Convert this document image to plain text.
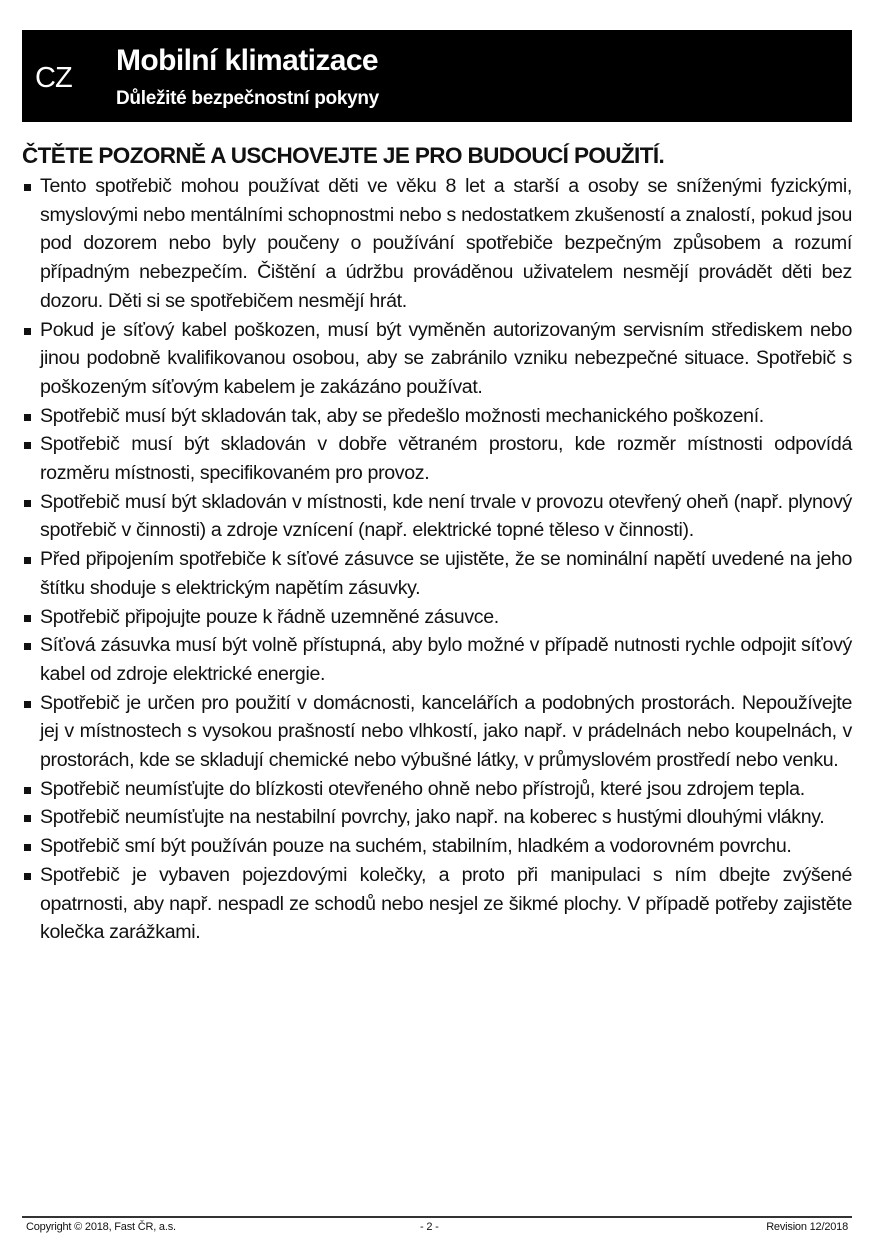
CZ
Mobilní klimatizace
Důležité bezpečnostní pokyny
ČTĚTE POZORNĚ A USCHOVEJTE JE PRO BUDOUCÍ POUŽITÍ.
Tento spotřebič mohou používat děti ve věku 8 let a starší a osoby se sníženými fyzickými, smyslovými nebo mentálními schopnostmi nebo s nedostatkem zkušeností a znalostí, pokud jsou pod dozorem nebo byly poučeny o používání spotřebiče bezpečným způsobem a rozumí případným nebezpečím. Čištění a údržbu prováděnou uživatelem nesmějí provádět děti bez dozoru. Děti si se spotřebičem nesmějí hrát.
Pokud je síťový kabel poškozen, musí být vyměněn autorizovaným servisním střediskem nebo jinou podobně kvalifikovanou osobou, aby se zabránilo vzniku nebezpečné situace. Spotřebič s poškozeným síťovým kabelem je zakázáno používat.
Spotřebič musí být skladován tak, aby se předešlo možnosti mechanického poškození.
Spotřebič musí být skladován v dobře větraném prostoru, kde rozměr místnosti odpovídá rozměru místnosti, specifikovaném pro provoz.
Spotřebič musí být skladován v místnosti, kde není trvale v provozu otevřený oheň (např. plynový spotřebič v činnosti) a zdroje vznícení (např. elektrické topné těleso v činnosti).
Před připojením spotřebiče k síťové zásuvce se ujistěte, že se nominální napětí uvedené na jeho štítku shoduje s elektrickým napětím zásuvky.
Spotřebič připojujte pouze k řádně uzemněné zásuvce.
Síťová zásuvka musí být volně přístupná, aby bylo možné v případě nutnosti rychle odpojit síťový kabel od zdroje elektrické energie.
Spotřebič je určen pro použití v domácnosti, kancelářích a podobných prostorách. Nepoužívejte jej v místnostech s vysokou prašností nebo vlhkostí, jako např. v prádelnách nebo koupelnách, v prostorách, kde se skladují chemické nebo výbušné látky, v průmyslovém prostředí nebo venku.
Spotřebič neumísťujte do blízkosti otevřeného ohně nebo přístrojů, které jsou zdrojem tepla.
Spotřebič neumísťujte na nestabilní povrchy, jako např. na koberec s hustými dlouhými vlákny.
Spotřebič smí být používán pouze na suchém, stabilním, hladkém a vodorovném povrchu.
Spotřebič je vybaven pojezdovými kolečky, a proto při manipulaci s ním dbejte zvýšené opatrnosti, aby např. nespadl ze schodů nebo nesjel ze šikmé plochy. V případě potřeby zajistěte kolečka zarážkami.
Copyright © 2018, Fast ČR, a.s.	- 2 -	Revision 12/2018
